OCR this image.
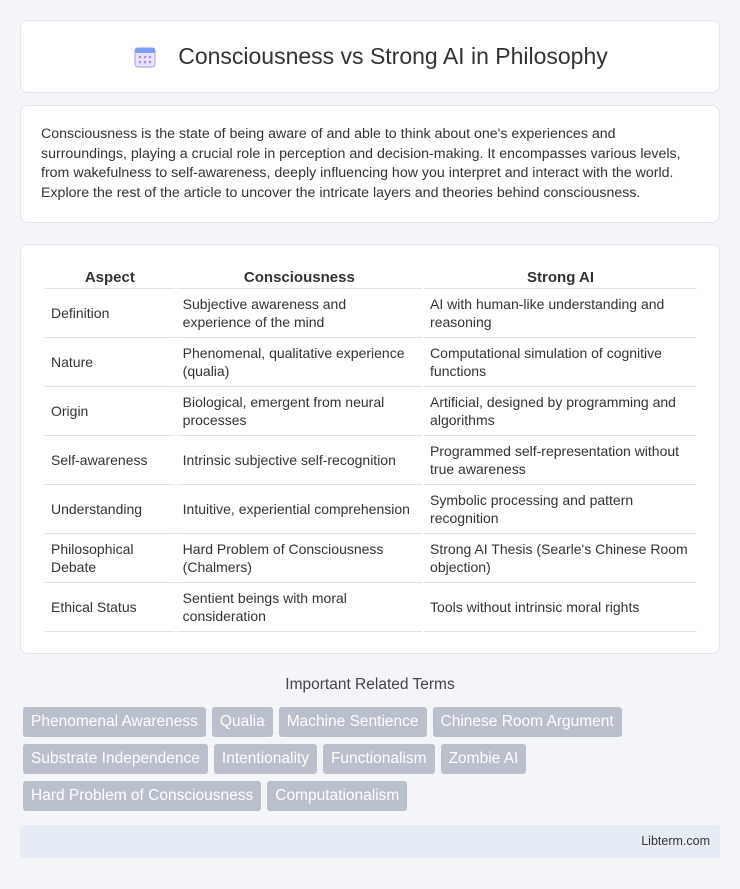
Consciousness vs Strong AI in Philosophy

Consciousness is the state of being aware of and able to think about one's experiences and surroundings, playing a crucial role in perception and decision-making. It encompasses various levels, from wakefulness to self-awareness, deeply influencing how you interpret and interact with the world. Explore the rest of the article to uncover the intricate layers and theories behind consciousness.

Aspect	Consciousness	Strong AI
Definition	Subjective awareness and experience of the mind	AI with human-like understanding and reasoning
Nature	Phenomenal, qualitative experience (qualia)	Computational simulation of cognitive functions
Origin	Biological, emergent from neural processes	Artificial, designed by programming and algorithms
Self-awareness	Intrinsic subjective self-recognition	Programmed self-representation without true awareness
Understanding	Intuitive, experiential comprehension	Symbolic processing and pattern recognition
Philosophical Debate	Hard Problem of Consciousness (Chalmers)	Strong AI Thesis (Searle's Chinese Room objection)
Ethical Status	Sentient beings with moral consideration	Tools without intrinsic moral rights
Important Related Terms
Phenomenal Awareness	Qualia	Machine Sentience	Chinese Room Argument
Substrate Independence	Intentionality	Functionalism	Zombie AI
Hard Problem of Consciousness	Computationalism
Libterm.com
